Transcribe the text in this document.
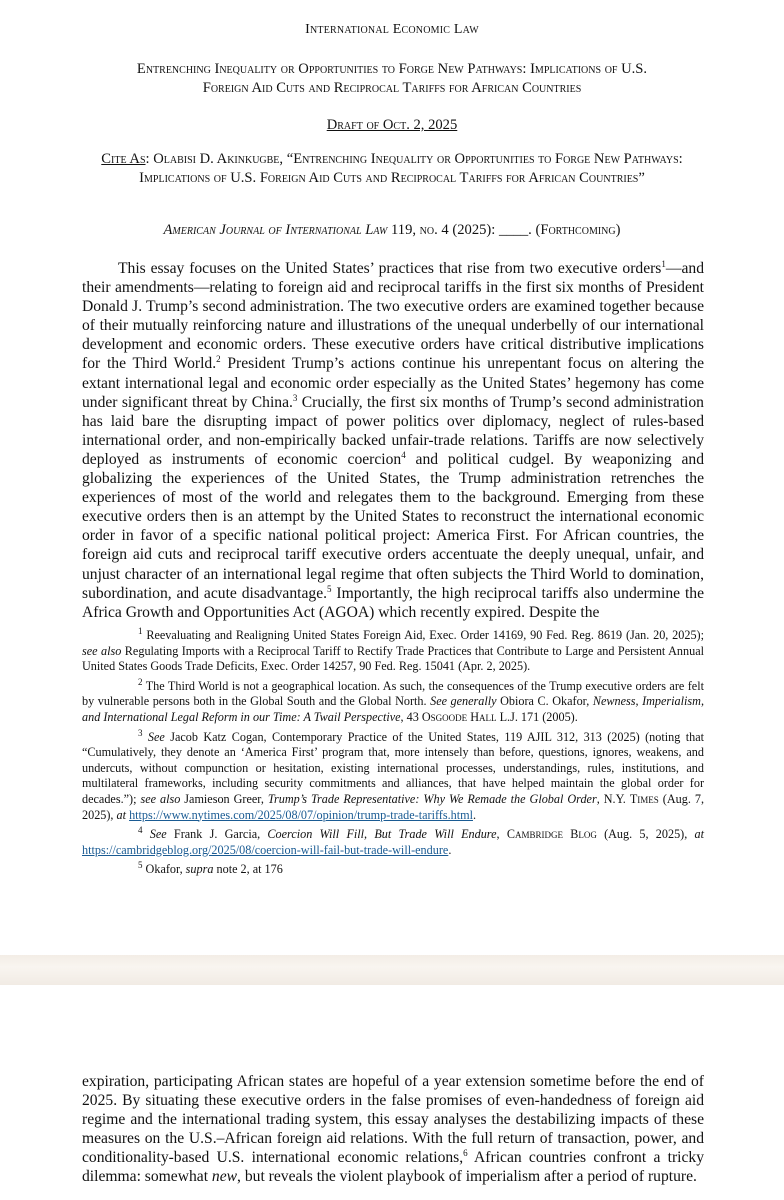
International Economic Law
Entrenching Inequality or Opportunities to Forge New Pathways: Implications of U.S.
Foreign Aid Cuts and Reciprocal Tariffs for African Countries
Draft of Oct. 2, 2025
Cite As: Olabisi D. Akinkugbe, “Entrenching Inequality or Opportunities to Forge New Pathways: Implications of U.S. Foreign Aid Cuts and Reciprocal Tariffs for African Countries”
American Journal of International Law 119, no. 4 (2025): ____. (Forthcoming)
This essay focuses on the United States’ practices that rise from two executive orders$^1$—and their amendments—relating to foreign aid and reciprocal tariffs in the first six months of President Donald J. Trump’s second administration. The two executive orders are examined together because of their mutually reinforcing nature and illustrations of the unequal underbelly of our international development and economic orders. These executive orders have critical distributive implications for the Third World.$^2$ President Trump’s actions continue his unrepentant focus on altering the extant international legal and economic order especially as the United States’ hegemony has come under significant threat by China.$^3$ Crucially, the first six months of Trump’s second administration has laid bare the disrupting impact of power politics over diplomacy, neglect of rules-based international order, and non-empirically backed unfair-trade relations. Tariffs are now selectively deployed as instruments of economic coercion$^4$ and political cudgel. By weaponizing and globalizing the experiences of the United States, the Trump administration retrenches the experiences of most of the world and relegates them to the background. Emerging from these executive orders then is an attempt by the United States to reconstruct the international economic order in favor of a specific national political project: America First. For African countries, the foreign aid cuts and reciprocal tariff executive orders accentuate the deeply unequal, unfair, and unjust character of an international legal regime that often subjects the Third World to domination, subordination, and acute disadvantage.$^5$ Importantly, the high reciprocal tariffs also undermine the Africa Growth and Opportunities Act (AGOA) which recently expired. Despite the

$^1$ Reevaluating and Realigning United States Foreign Aid, Exec. Order 14169, 90 Fed. Reg. 8619 (Jan. 20, 2025); see also Regulating Imports with a Reciprocal Tariff to Rectify Trade Practices that Contribute to Large and Persistent Annual United States Goods Trade Deficits, Exec. Order 14257, 90 Fed. Reg. 15041 (Apr. 2, 2025).

$^2$ The Third World is not a geographical location. As such, the consequences of the Trump executive orders are felt by vulnerable persons both in the Global South and the Global North. See generally Obiora C. Okafor, Newness, Imperialism, and International Legal Reform in our Time: A Twail Perspective, 43 Osgoode Hall L.J. 171 (2005).

$^3$ See Jacob Katz Cogan, Contemporary Practice of the United States, 119 AJIL 312, 313 (2025) (noting that “Cumulatively, they denote an ‘America First’ program that, more intensely than before, questions, ignores, weakens, and undercuts, without compunction or hesitation, existing international processes, understandings, rules, institutions, and multilateral frameworks, including security commitments and alliances, that have helped maintain the global order for decades.”); see also Jamieson Greer, Trump’s Trade Representative: Why We Remade the Global Order, N.Y. Times (Aug. 7, 2025), at https://www.nytimes.com/2025/08/07/opinion/trump-trade-tariffs.html.

$^4$ See Frank J. Garcia, Coercion Will Fill, But Trade Will Endure, Cambridge Blog (Aug. 5, 2025), at https://cambridgeblog.org/2025/08/coercion-will-fail-but-trade-will-endure.

$^5$ Okafor, supra note 2, at 176

expiration, participating African states are hopeful of a year extension sometime before the end of 2025. By situating these executive orders in the false promises of even-handedness of foreign aid regime and the international trading system, this essay analyses the destabilizing impacts of these measures on the U.S.–African foreign aid relations. With the full return of transaction, power, and conditionality-based U.S. international economic relations,$^6$ African countries confront a tricky dilemma: somewhat new, but reveals the violent playbook of imperialism after a period of rupture.
